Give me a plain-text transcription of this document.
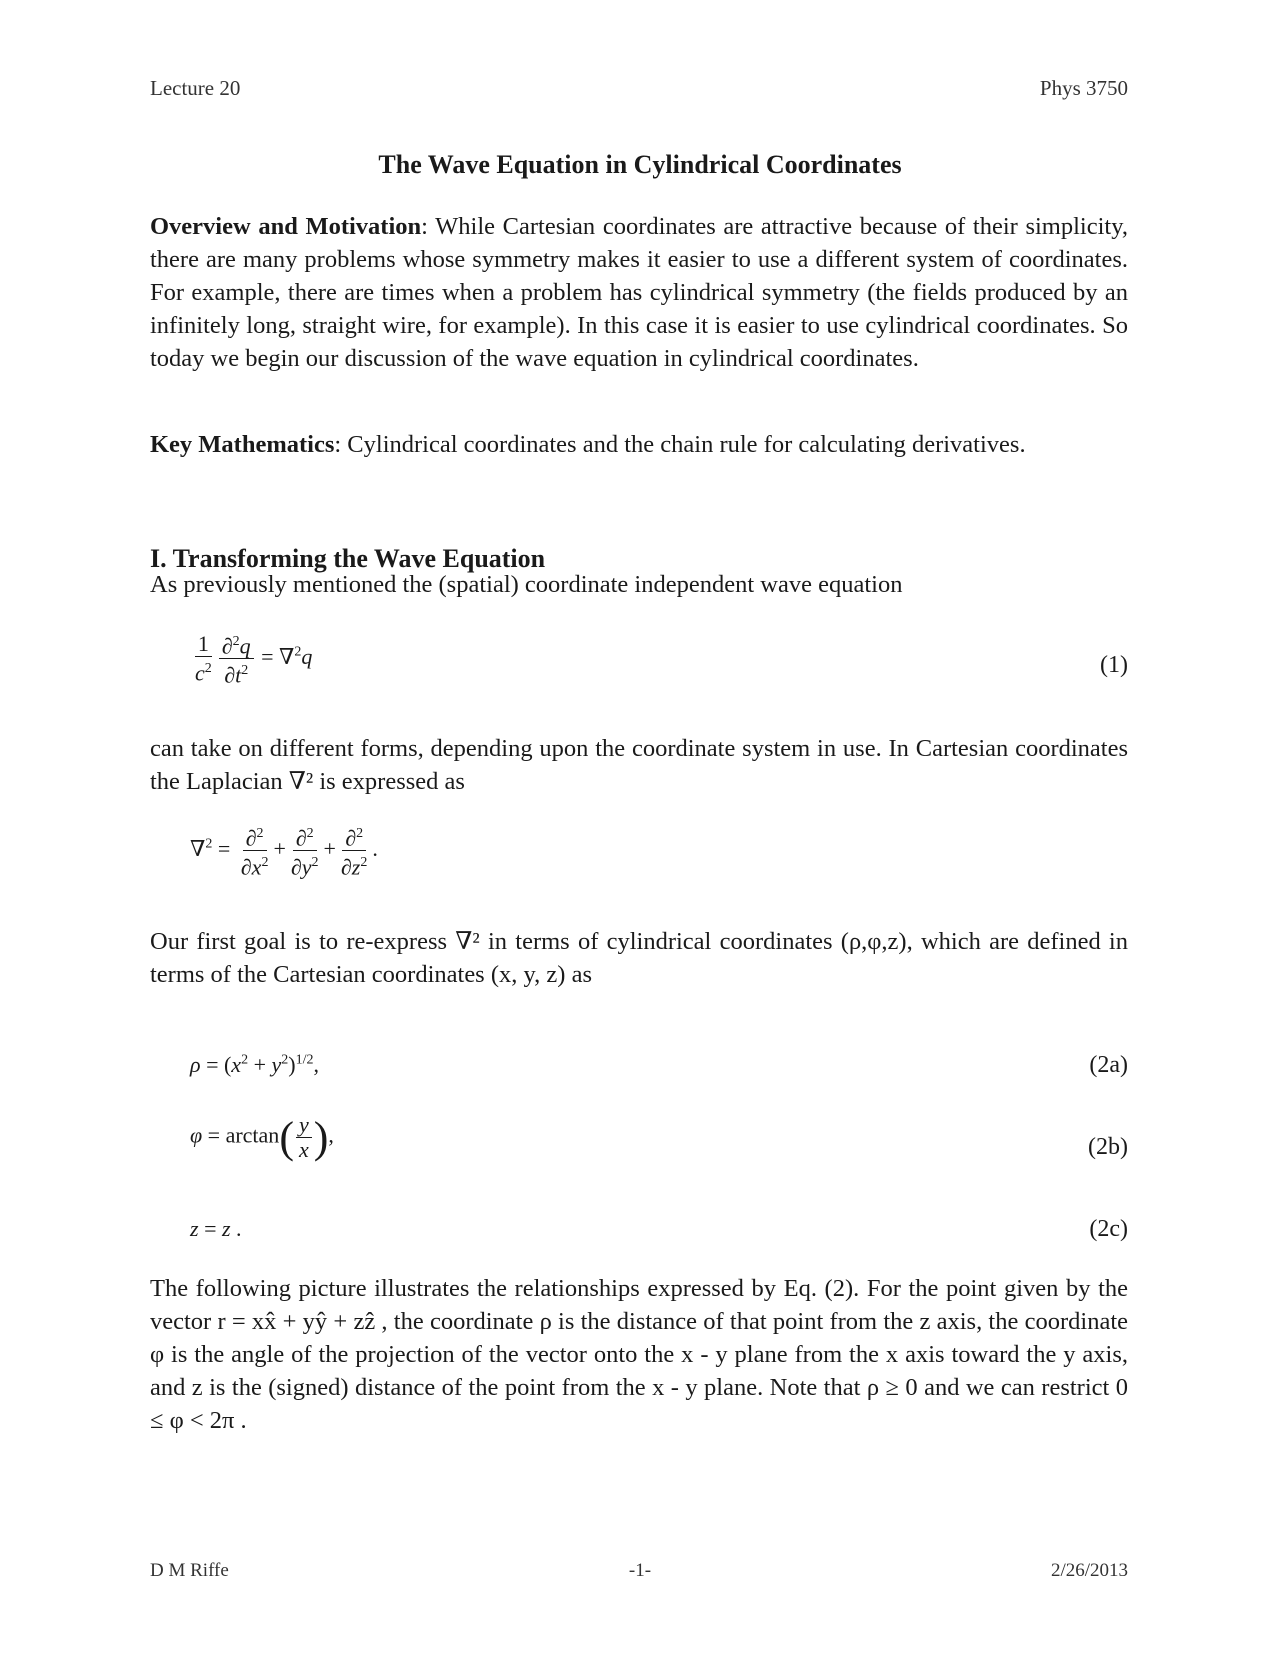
Lecture 20	Phys 3750
The Wave Equation in Cylindrical Coordinates
Overview and Motivation: While Cartesian coordinates are attractive because of their simplicity, there are many problems whose symmetry makes it easier to use a different system of coordinates. For example, there are times when a problem has cylindrical symmetry (the fields produced by an infinitely long, straight wire, for example). In this case it is easier to use cylindrical coordinates. So today we begin our discussion of the wave equation in cylindrical coordinates.
Key Mathematics: Cylindrical coordinates and the chain rule for calculating derivatives.
I. Transforming the Wave Equation
As previously mentioned the (spatial) coordinate independent wave equation
$\frac{1}{c^2} \frac{\partial^2q}{\partial t^2} = \nabla^2q$	(1)
can take on different forms, depending upon the coordinate system in use. In Cartesian coordinates the Laplacian ∇² is expressed as
$\nabla^2 = \frac{\partial^2}{\partial x^2} + \frac{\partial^2}{\partial y^2} + \frac{\partial^2}{\partial z^2}$ .
Our first goal is to re-express ∇² in terms of cylindrical coordinates (ρ,φ,z), which are defined in terms of the Cartesian coordinates (x, y, z) as
$\rho = (x^2 + y^2)^{1/2}$,	(2a)
$\varphi = \arctan( \frac{y}{x}$ ),	(2b)
z = z .	(2c)
The following picture illustrates the relationships expressed by Eq. (2). For the point given by the vector r = xx̂ + yŷ + zẑ , the coordinate ρ is the distance of that point from the z axis, the coordinate φ is the angle of the projection of the vector onto the x - y plane from the x axis toward the y axis, and z is the (signed) distance of the point from the x - y plane. Note that ρ ≥ 0 and we can restrict 0 ≤ φ < 2π .
D M Riffe	-1-	2/26/2013
